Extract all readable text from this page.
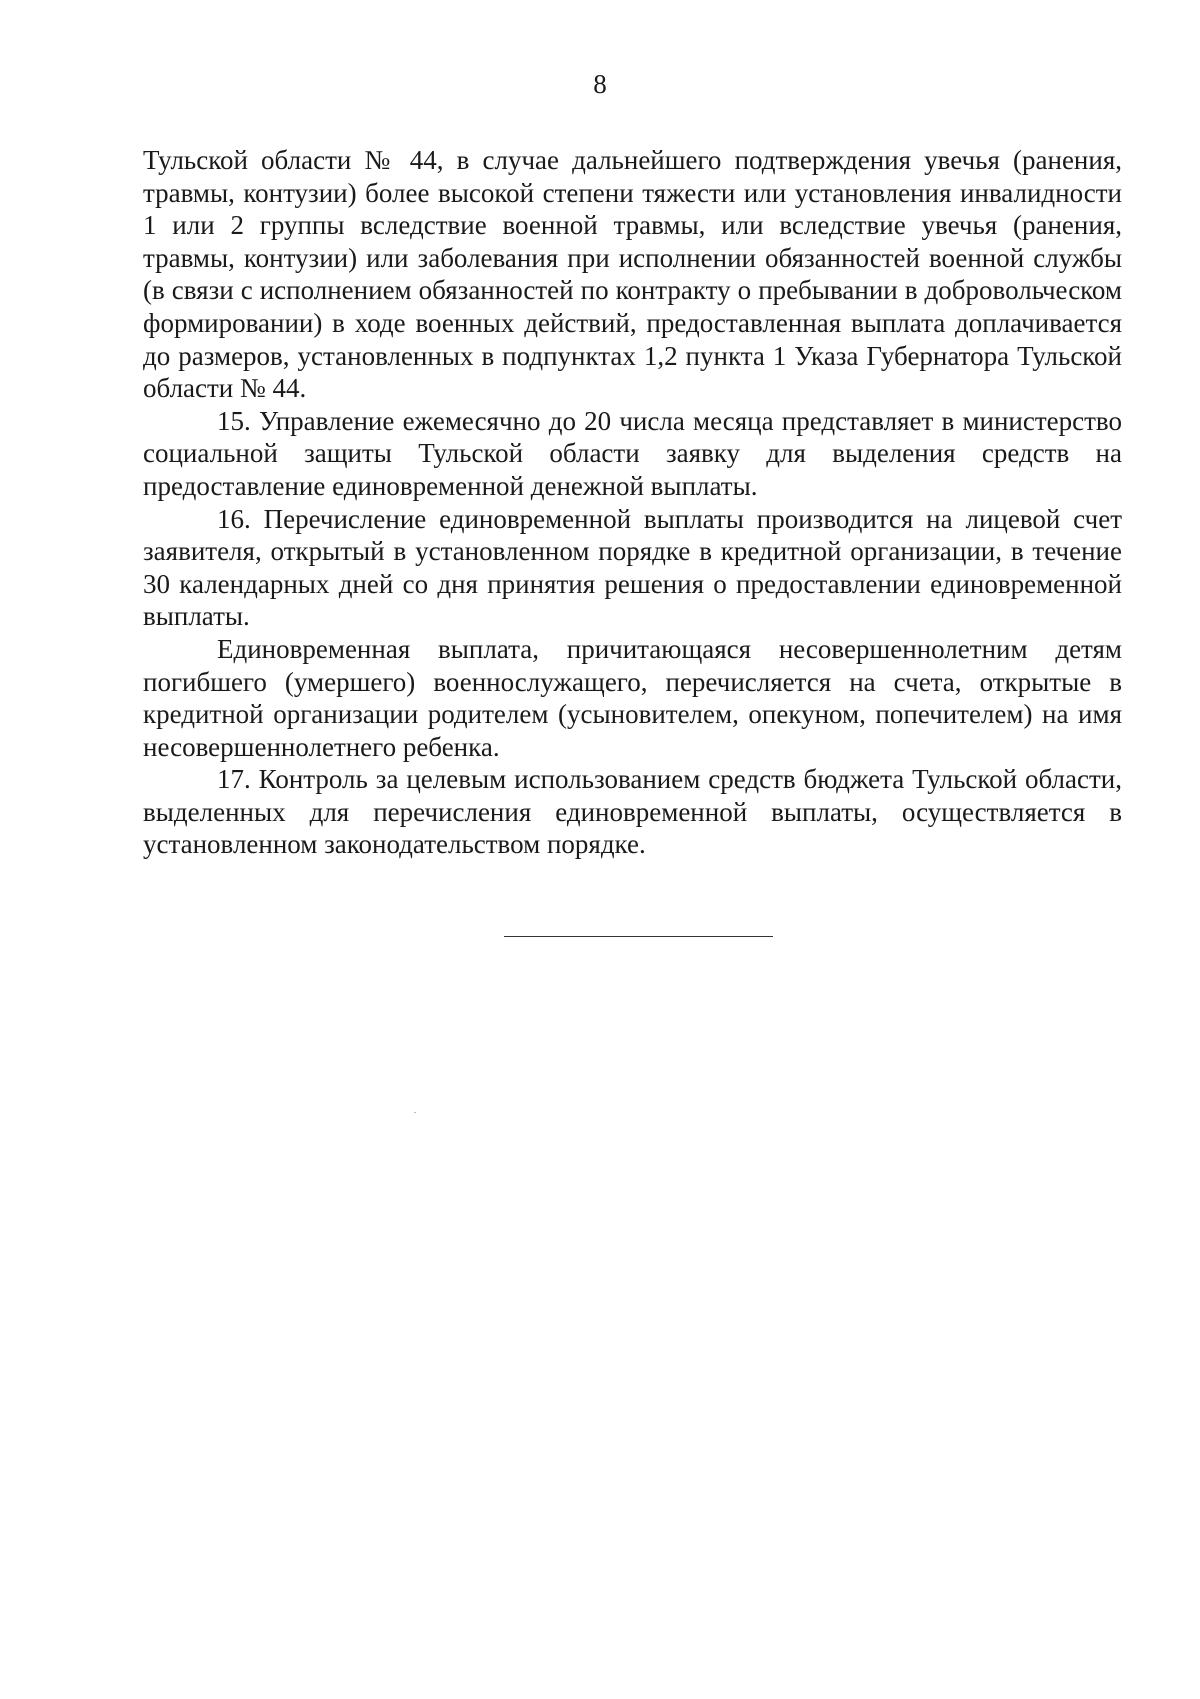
8

Тульской области № 44, в случае дальнейшего подтверждения увечья (ранения, травмы, контузии) более высокой степени тяжести или установления инвалидности 1 или 2 группы вследствие военной травмы, или вследствие увечья (ранения, травмы, контузии) или заболевания при исполнении обязанностей военной службы (в связи с исполнением обязанностей по контракту о пребывании в добровольческом формировании) в ходе военных действий, предоставленная выплата доплачивается до размеров, установленных в подпунктах 1,2 пункта 1 Указа Губернатора Тульской области № 44.

15. Управление ежемесячно до 20 числа месяца представляет в министерство социальной защиты Тульской области заявку для выделения средств на предоставление единовременной денежной выплаты.

16. Перечисление единовременной выплаты производится на лицевой счет заявителя, открытый в установленном порядке в кредитной организации, в течение 30 календарных дней со дня принятия решения о предоставлении единовременной выплаты.

Единовременная выплата, причитающаяся несовершеннолетним детям погибшего (умершего) военнослужащего, перечисляется на счета, открытые в кредитной организации родителем (усыновителем, опекуном, попечителем) на имя несовершеннолетнего ребенка.

17. Контроль за целевым использованием средств бюджета Тульской области, выделенных для перечисления единовременной выплаты, осуществляется в установленном законодательством порядке.
